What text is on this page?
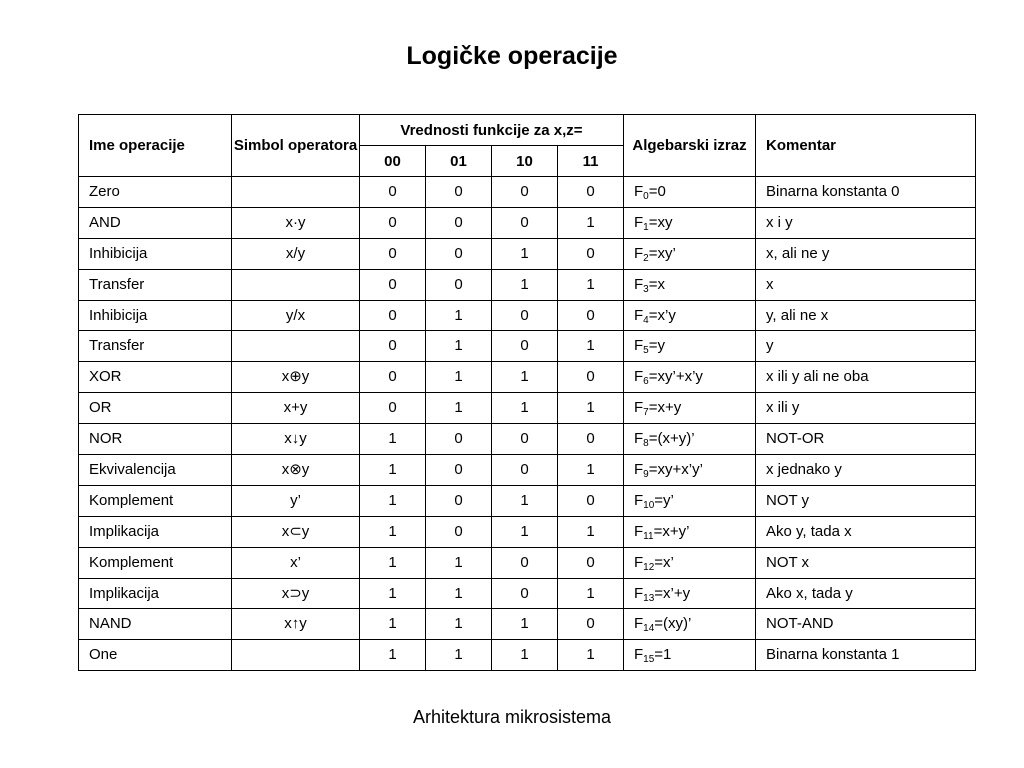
Logičke operacije
Ime operacije	Simbol operatora	Vrednosti funkcije za x,z=				Algebarski izraz	Komentar
		00	01	10	11		
Zero		0	0	0	0	$F_0=0$	Binarna konstanta 0
AND	x·y	0	0	0	1	$F_1=xy$	x i y
Inhibicija	x/y	0	0	1	0	$F_2=xy$’	x, ali ne y
Transfer		0	0	1	1	$F_3=x$	x
Inhibicija	y/x	0	1	0	0	$F_4=x’y$	y, ali ne x
Transfer		0	1	0	1	$F_5=y$	y
XOR	x⊕y	0	1	1	0	$F_6=xy’+x’y$	x ili y ali ne oba
OR	x+y	0	1	1	1	$F_7=x+y$	x ili y
NOR	x↓y	1	0	0	0	$F_8=(x+y)$’	NOT-OR
Ekvivalencija	x⊗y	1	0	0	1	$F_9=xy+x’y$’	x jednako y
Komplement	y’	1	0	1	0	$F_{10}=y$’	NOT y
Implikacija	x⊂y	1	0	1	1	$F_{11}=x+y$’	Ako y, tada x
Komplement	x’	1	1	0	0	$F_{12}=x$’	NOT x
Implikacija	x⊃y	1	1	0	1	$F_{13}=x’+y$	Ako x, tada y
NAND	x↑y	1	1	1	0	$F_{14}=(xy)$’	NOT-AND
One		1	1	1	1	$F_{15}=1$	Binarna konstanta 1
Arhitektura mikrosistema
